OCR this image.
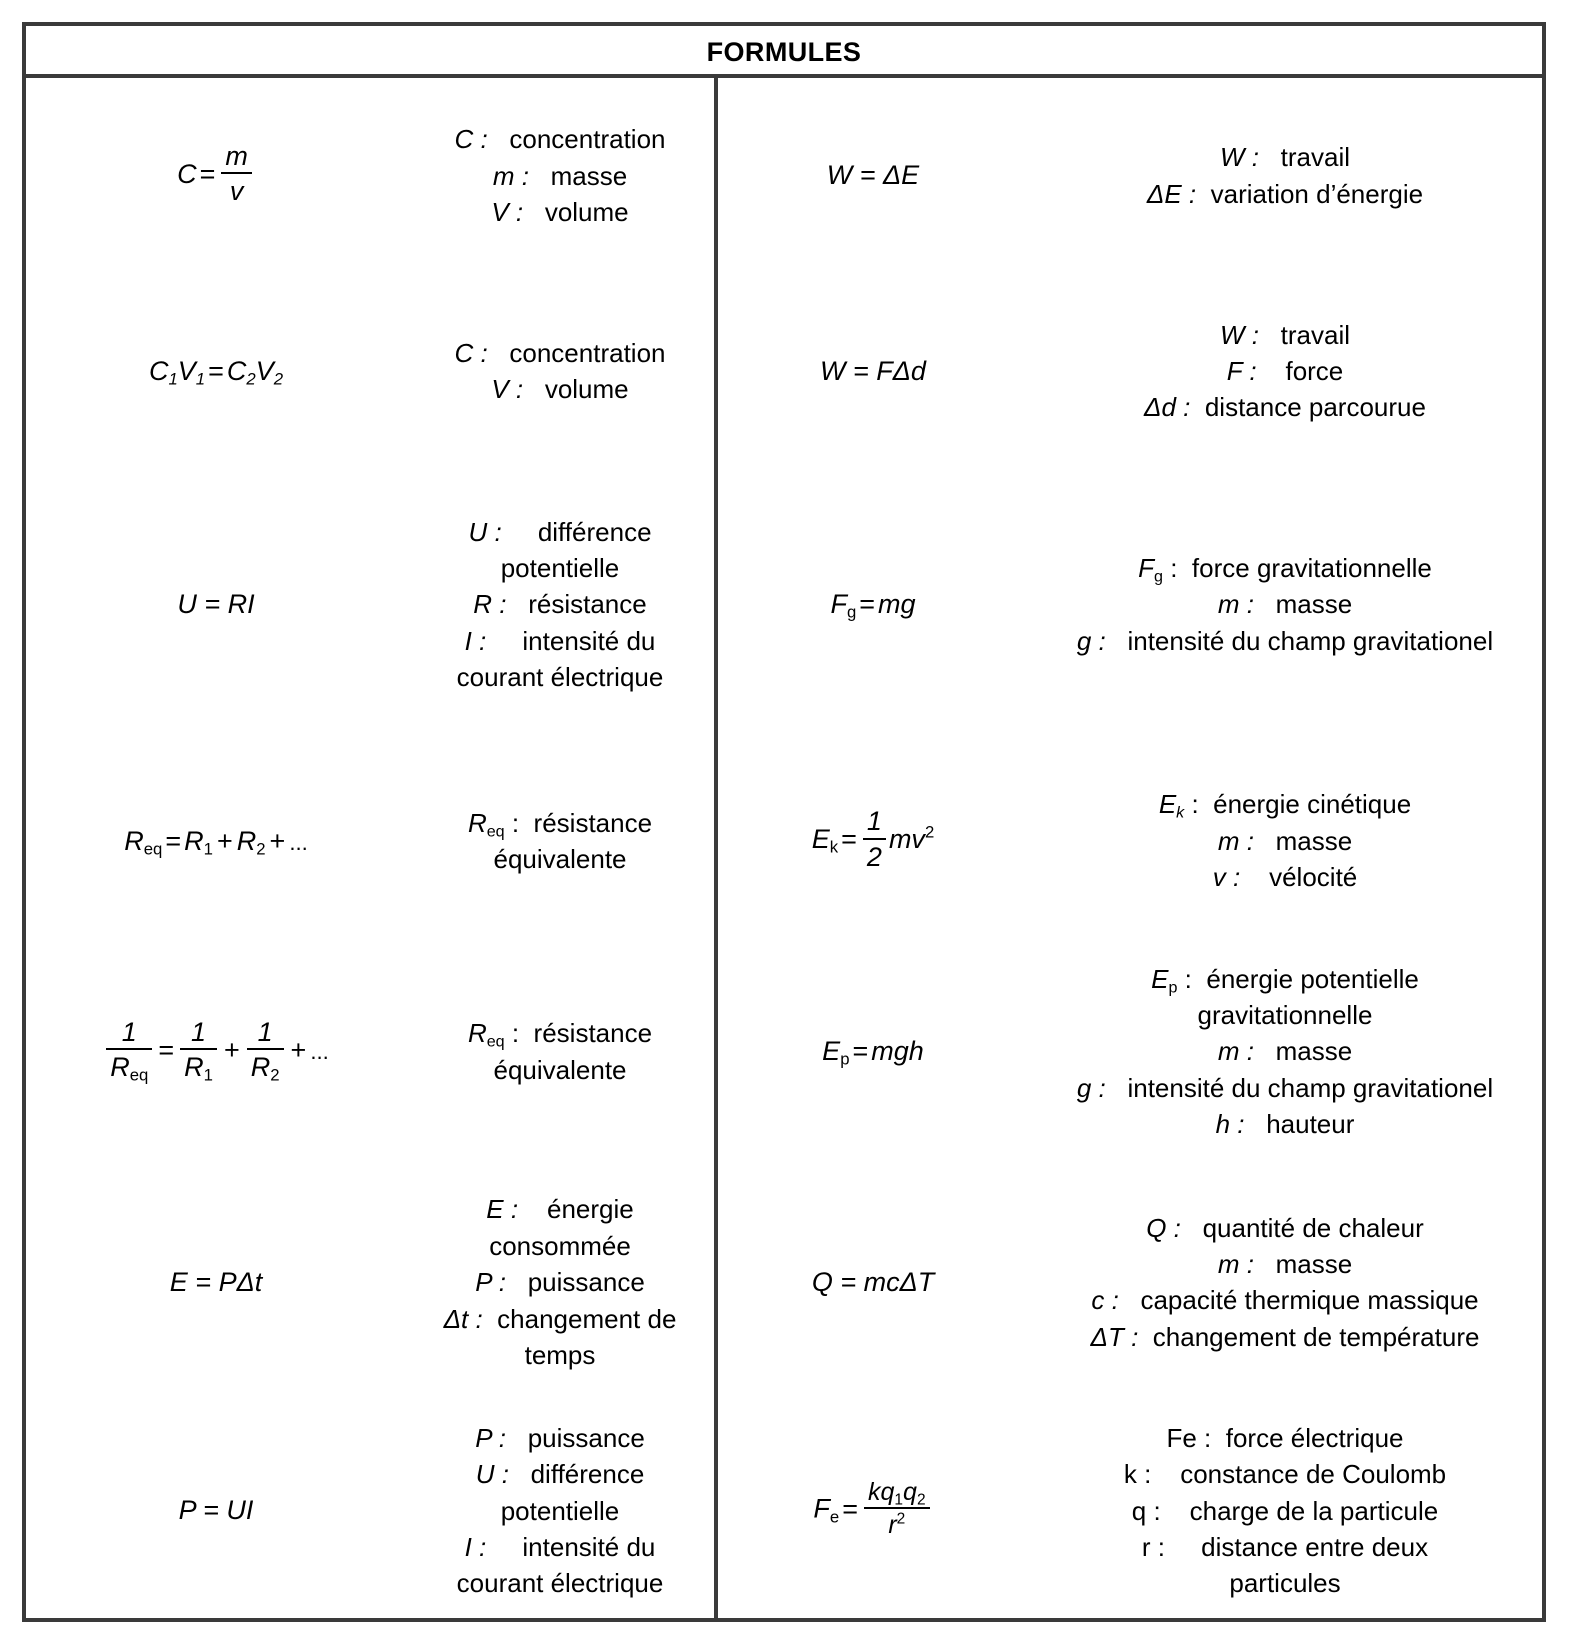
FORMULES
$C = \frac{m}{v}$
C : concentration
m : masse
V : volume
$C_1V_1 = C_2V_2$
C : concentration
V : volume
U = RI
U : différence
potentielle
R : résistance
I : intensité du
courant électrique
$R_{eq} = R_1 + R_2$ + ...
$R_{eq}$ :  résistance
équivalente
$\frac{1}{R_{eq}} = \frac{1}{R_1} + \frac{1}{R_2}$ + ...
$R_{eq}$ :  résistance
équivalente
E = PΔt
E : énergie
consommée
P : puissance
Δt : changement de
temps
P = UI
P : puissance
U : différence
potentielle
I : intensité du
courant électrique
W = ΔE
W : travail
ΔE : variation d’énergie
W = FΔd
W : travail
F : force
Δd : distance parcourue
$F_g$ = mg
$F_g$ : force gravitationnelle
m : masse
g : intensité du champ gravitationel
$E_k = \frac{1}{2} mv^2$
$E_k$ : énergie cinétique
m : masse
v : vélocité
$E_p$ = mgh
$E_p$ : énergie potentielle
gravitationnelle
m : masse
g : intensité du champ gravitationel
h : hauteur
Q = mcΔT
Q : quantité de chaleur
m : masse
c : capacité thermique massique
ΔT : changement de température
$F_e = \frac{kq_1q_2}{r^2}$
Fe : force électrique
k : constance de Coulomb
q : charge de la particule
r : distance entre deux
particules
